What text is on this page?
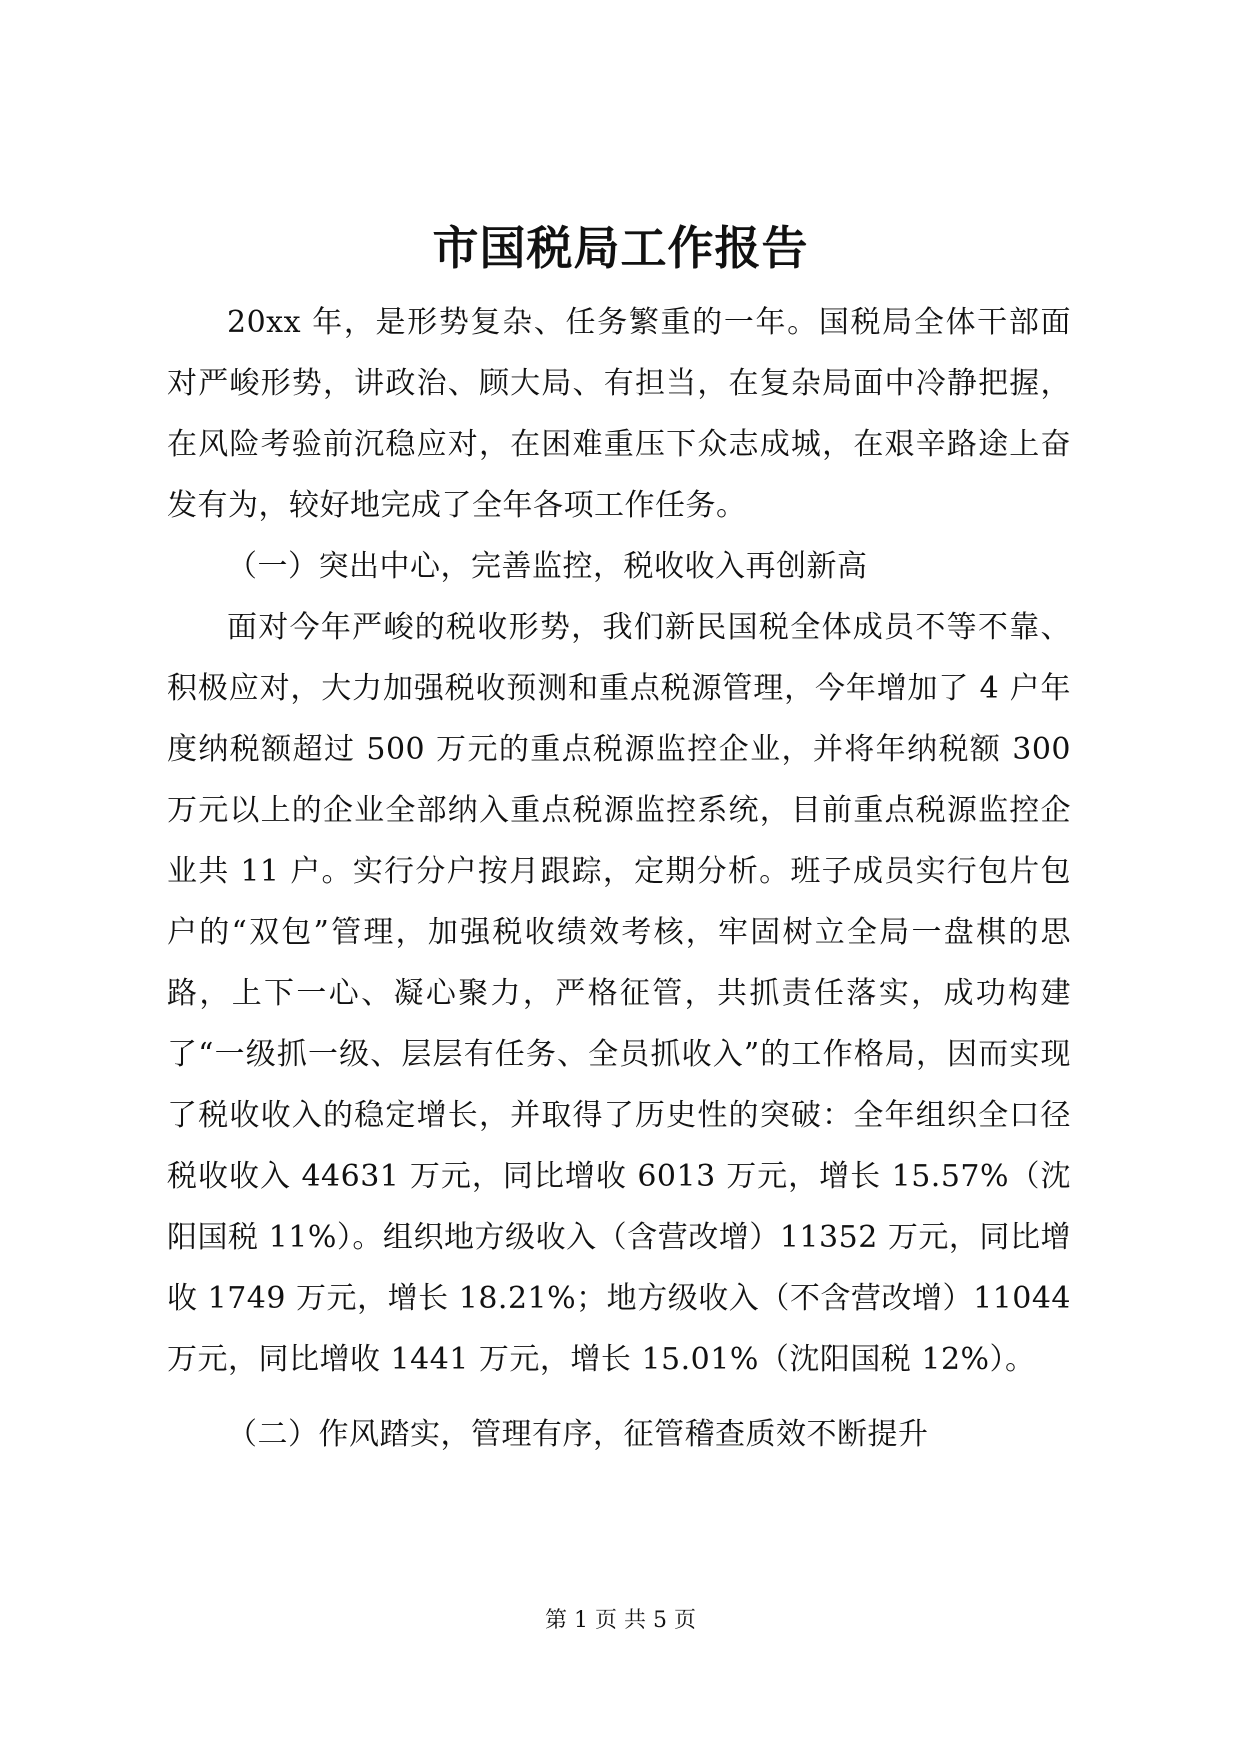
市国税局工作报告

20xx 年，是形势复杂、任务繁重的一年。国税局全体干部面对严峻形势，讲政治、顾大局、有担当，在复杂局面中冷静把握，在风险考验前沉稳应对，在困难重压下众志成城，在艰辛路途上奋发有为，较好地完成了全年各项工作任务。

（一）突出中心，完善监控，税收收入再创新高

面对今年严峻的税收形势，我们新民国税全体成员不等不靠、积极应对，大力加强税收预测和重点税源管理，今年增加了 4 户年度纳税额超过 500 万元的重点税源监控企业，并将年纳税额 300 万元以上的企业全部纳入重点税源监控系统，目前重点税源监控企业共 11 户。实行分户按月跟踪，定期分析。班子成员实行包片包户的“双包”管理，加强税收绩效考核，牢固树立全局一盘棋的思路，上下一心、凝心聚力，严格征管，共抓责任落实，成功构建了“一级抓一级、层层有任务、全员抓收入”的工作格局，因而实现了税收收入的稳定增长，并取得了历史性的突破：全年组织全口径税收收入 44631 万元，同比增收 6013 万元，增长 15.57%（沈阳国税 11%）。组织地方级收入（含营改增）11352 万元，同比增收 1749 万元，增长 18.21%；地方级收入（不含营改增）11044 万元，同比增收 1441 万元，增长 15.01%（沈阳国税 12%）。

（二）作风踏实，管理有序，征管稽查质效不断提升

第 1 页 共 5 页
